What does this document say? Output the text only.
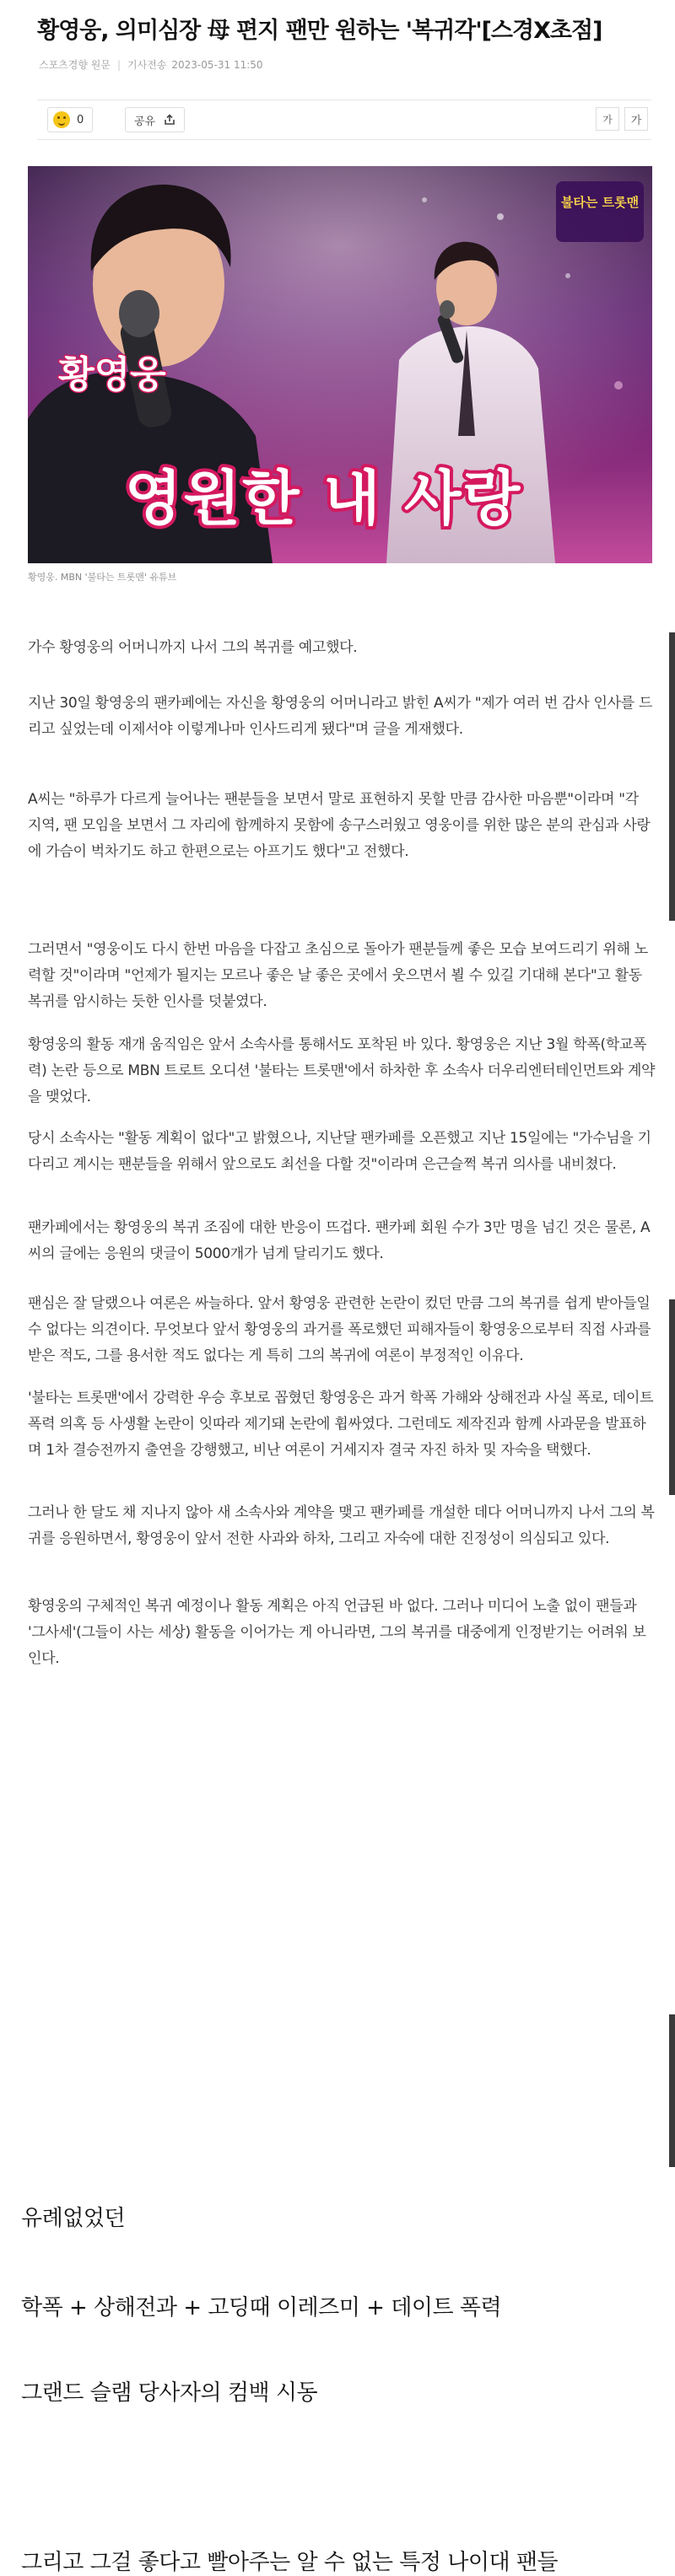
황영웅, 의미심장 母 편지 팬만 원하는 '복귀각'[스경X초점]
스포츠경향 원문 | 기사전송 2023-05-31 11:50
0	공유	가	가
불타는 트롯맨
황영웅
영원한 내 사랑
황영웅. MBN '불타는 트롯맨' 유튜브

가수 황영웅의 어머니까지 나서 그의 복귀를 예고했다.

지난 30일 황영웅의 팬카페에는 자신을 황영웅의 어머니라고 밝힌 A씨가 "제가 여러 번 감사 인사를 드리고 싶었는데 이제서야 이렇게나마 인사드리게 됐다"며 글을 게재했다.

A씨는 "하루가 다르게 늘어나는 팬분들을 보면서 말로 표현하지 못할 만큼 감사한 마음뿐"이라며 "각 지역, 팬 모임을 보면서 그 자리에 함께하지 못함에 송구스러웠고 영웅이를 위한 많은 분의 관심과 사랑에 가슴이 벅차기도 하고 한편으로는 아프기도 했다"고 전했다.

그러면서 "영웅이도 다시 한번 마음을 다잡고 초심으로 돌아가 팬분들께 좋은 모습 보여드리기 위해 노력할 것"이라며 "언제가 될지는 모르나 좋은 날 좋은 곳에서 웃으면서 뵐 수 있길 기대해 본다"고 활동 복귀를 암시하는 듯한 인사를 덧붙였다.

황영웅의 활동 재개 움직임은 앞서 소속사를 통해서도 포착된 바 있다. 황영웅은 지난 3월 학폭(학교폭력) 논란 등으로 MBN 트로트 오디션 '불타는 트롯맨'에서 하차한 후 소속사 더우리엔터테인먼트와 계약을 맺었다.

당시 소속사는 "활동 계획이 없다"고 밝혔으나, 지난달 팬카페를 오픈했고 지난 15일에는 "가수님을 기다리고 계시는 팬분들을 위해서 앞으로도 최선을 다할 것"이라며 은근슬쩍 복귀 의사를 내비쳤다.

팬카페에서는 황영웅의 복귀 조짐에 대한 반응이 뜨겁다. 팬카페 회원 수가 3만 명을 넘긴 것은 물론, A씨의 글에는 응원의 댓글이 5000개가 넘게 달리기도 했다.

팬심은 잘 달랬으나 여론은 싸늘하다. 앞서 황영웅 관련한 논란이 컸던 만큼 그의 복귀를 쉽게 받아들일 수 없다는 의견이다. 무엇보다 앞서 황영웅의 과거를 폭로했던 피해자들이 황영웅으로부터 직접 사과를 받은 적도, 그를 용서한 적도 없다는 게 특히 그의 복귀에 여론이 부정적인 이유다.

'불타는 트롯맨'에서 강력한 우승 후보로 꼽혔던 황영웅은 과거 학폭 가해와 상해전과 사실 폭로, 데이트 폭력 의혹 등 사생활 논란이 잇따라 제기돼 논란에 휩싸였다. 그런데도 제작진과 함께 사과문을 발표하며 1차 결승전까지 출연을 강행했고, 비난 여론이 거세지자 결국 자진 하차 및 자숙을 택했다.

그러나 한 달도 채 지나지 않아 새 소속사와 계약을 맺고 팬카페를 개설한 데다 어머니까지 나서 그의 복귀를 응원하면서, 황영웅이 앞서 전한 사과와 하차, 그리고 자숙에 대한 진정성이 의심되고 있다.

황영웅의 구체적인 복귀 예정이나 활동 계획은 아직 언급된 바 없다. 그러나 미디어 노출 없이 팬들과 '그사세'(그들이 사는 세상) 활동을 이어가는 게 아니라면, 그의 복귀를 대중에게 인정받기는 어려워 보인다.

유례없었던
학폭 + 상해전과 + 고딩때 이레즈미 + 데이트 폭력
그랜드 슬램 당사자의 컴백 시동
그리고 그걸 좋다고 빨아주는 알 수 없는 특정 나이대 팬들
